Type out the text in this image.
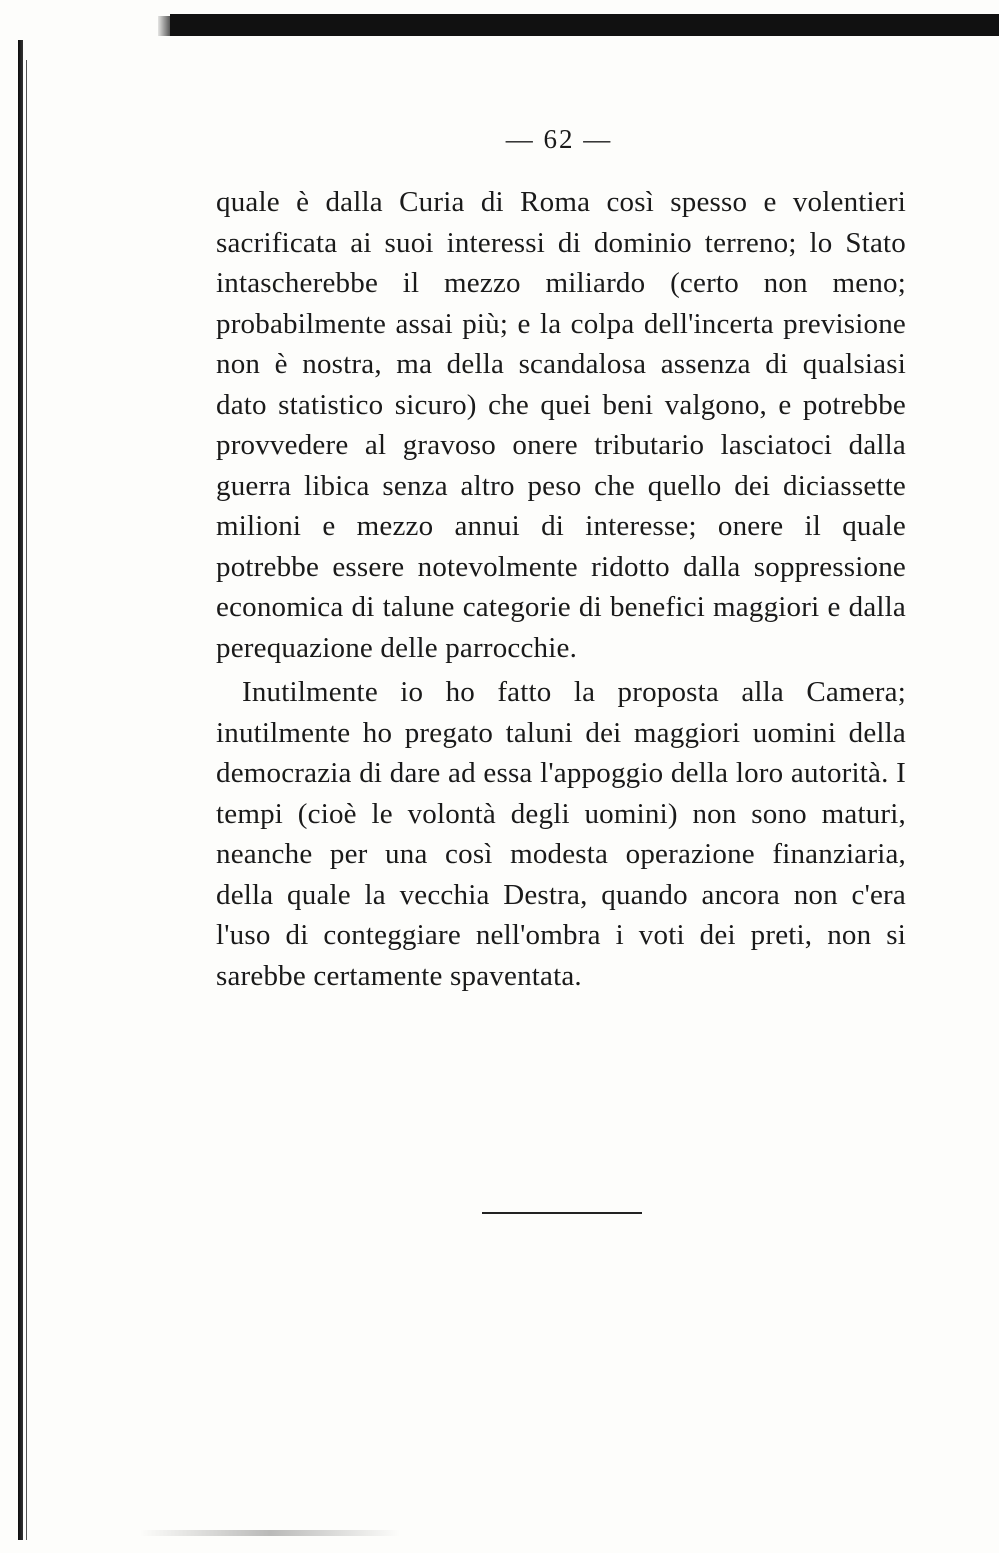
— 62 —

quale è dalla Curia di Roma così spesso e volentieri sacrificata ai suoi interessi di dominio terreno; lo Stato intascherebbe il mezzo miliardo (certo non meno; probabilmente assai più; e la colpa dell'incerta previsione non è nostra, ma della scandalosa assenza di qualsiasi dato statistico sicuro) che quei beni valgono, e potrebbe provvedere al gravoso onere tributario lasciatoci dalla guerra libica senza altro peso che quello dei diciassette milioni e mezzo annui di interesse; onere il quale potrebbe essere notevolmente ridotto dalla soppressione economica di talune categorie di benefici maggiori e dalla perequazione delle parrocchie.

Inutilmente io ho fatto la proposta alla Camera; inutilmente ho pregato taluni dei maggiori uomini della democrazia di dare ad essa l'appoggio della loro autorità. I tempi (cioè le volontà degli uomini) non sono maturi, neanche per una così modesta operazione finanziaria, della quale la vecchia Destra, quando ancora non c'era l'uso di conteggiare nell'ombra i voti dei preti, non si sarebbe certamente spaventata.
